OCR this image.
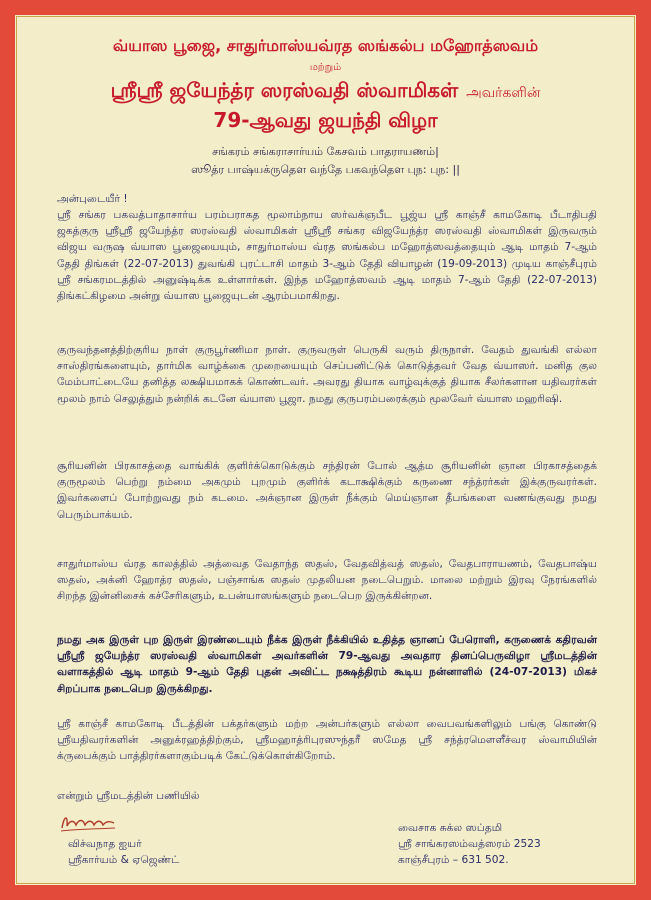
வ்யாஸ பூஜை, சாதுர்மாஸ்யவ்ரத ஸங்கல்ப மஹோத்ஸவம்
மற்றும்
ஸ்ரீஸ்ரீ ஜயேந்த்ர ஸரஸ்வதி ஸ்வாமிகள் அவர்களின்
79-ஆவது ஜயந்தி விழா
சங்கரம் சங்கராசார்யம் கேசவம் பாதராயணம்|
ஸூத்ர பாஷ்யக்ருதௌ வந்தே பகவந்தௌ புந: புந: ||
அன்புடையீர் !
ஸ்ரீ சங்கர பகவத்பாதாசார்ய பரம்பராகத மூலாம்நாய ஸர்வக்ஞபீட பூஜ்ய ஸ்ரீ காஞ்சீ காமகோடி பீடாதிபதி ஜகத்குரு ஸ்ரீஸ்ரீ ஜயேந்த்ர ஸரஸ்வதி ஸ்வாமிகள் ஸ்ரீஸ்ரீ சங்கர விஜயேந்த்ர ஸரஸ்வதி ஸ்வாமிகள் இருவரும் விஜய வருஷ வ்யாஸ பூஜையையும், சாதுர்மாஸ்ய வ்ரத ஸங்கல்ப மஹோத்ஸவத்தையும் ஆடி மாதம் 7-ஆம் தேதி திங்கள் (22-07-2013) துவங்கி புரட்டாசி மாதம் 3-ஆம் தேதி வியாழன் (19-09-2013) முடிய காஞ்சீபுரம் ஸ்ரீ சங்கரமடத்தில் அனுஷ்டிக்க உள்ளார்கள். இந்த மஹோத்ஸவம் ஆடி மாதம் 7-ஆம் தேதி (22-07-2013) திங்கட்கிழமை அன்று வ்யாஸ பூஜையுடன் ஆரம்பமாகிறது.
குருவந்தனத்திற்குரிய நாள் குருபூர்ணிமா நாள். குருவருள் பெருகி வரும் திருநாள். வேதம் துவங்கி எல்லா சாஸ்திரங்களையும், தார்மிக வாழ்க்கை முறையையும் செப்பனிட்டுக் கொடுத்தவர் வேத வ்யாஸர். மனித குல மேம்பாட்டையே தனித்த லக்ஷியமாகக் கொண்டவர். அவரது தியாக வாழ்வுக்குத் தியாக சீலர்களான யதிவரர்கள் மூலம் நாம் செலுத்தும் நன்றிக் கடனே வ்யாஸ பூஜா. நமது குருபரம்பரைக்கும் மூலவேர் வ்யாஸ மஹரிஷி.
சூரியனின் பிரகாசத்தை வாங்கிக் குளிர்க்கொடுக்கும் சந்திரன் போல் ஆத்ம சூரியனின் ஞான பிரகாசத்தைக் குருமூலம் பெற்று நம்மை அகமும் புறமும் குளிர்க் கடாக்ஷிக்கும் கருணை சந்த்ரர்கள் இக்குருவரர்கள். இவர்களைப் போற்றுவது நம் கடமை. அக்ஞான இருள் நீக்கும் மெய்ஞான தீபங்களை வணங்குவது நமது பெரும்பாக்யம்.
சாதுர்மாஸ்ய வ்ரத காலத்தில் அத்வைத வேதாந்த ஸதஸ், வேதவித்வத் ஸதஸ், வேதபாராயணம், வேதபாஷ்ய ஸதஸ், அக்னி ஹோத்ர ஸதஸ், பஞ்சாங்க ஸதஸ் முதலியன நடைபெறும். மாலை மற்றும் இரவு நேரங்களில் சிறந்த இன்னிசைக் கச்சேரிகளும், உபன்யாஸங்களும் நடைபெற இருக்கின்றன.
நமது அக இருள் புற இருள் இரண்டையும் நீக்க இருள் நீக்கியில் உதித்த ஞானப் பேரொளி, கருணைக் கதிரவன் ஸ்ரீஸ்ரீ ஜயேந்த்ர ஸரஸ்வதி ஸ்வாமிகள் அவர்களின் 79-ஆவது அவதார தினப்பெருவிழா ஸ்ரீமடத்தின் வளாகத்தில் ஆடி மாதம் 9-ஆம் தேதி புதன் அவிட்ட நக்ஷத்திரம் கூடிய நன்னாளில் (24-07-2013) மிகச் சிறப்பாக நடைபெற இருக்கிறது.
ஸ்ரீ காஞ்சீ காமகோடி பீடத்தின் பக்தர்களும் மற்ற அன்பர்களும் எல்லா வைபவங்களிலும் பங்கு கொண்டு ஸ்ரீயதிவரர்களின் அனுக்ரஹத்திற்கும், ஸ்ரீமஹாத்ரிபுரஸுந்தரீ ஸமேத ஸ்ரீ சந்த்ரமௌளீச்வர ஸ்வாமியின் க்ருபைக்கும் பாத்திரர்களாகும்படிக் கேட்டுக்கொள்கிறோம்.
என்றும் ஸ்ரீமடத்தின் பணியில்
விச்வநாத ஐயர்
ஸ்ரீகார்யம் & ஏஜெண்ட்
வைசாக சுக்ல ஸப்தமி
ஸ்ரீ சாங்கரஸம்வத்ஸரம் 2523
காஞ்சீபுரம் – 631 502.
